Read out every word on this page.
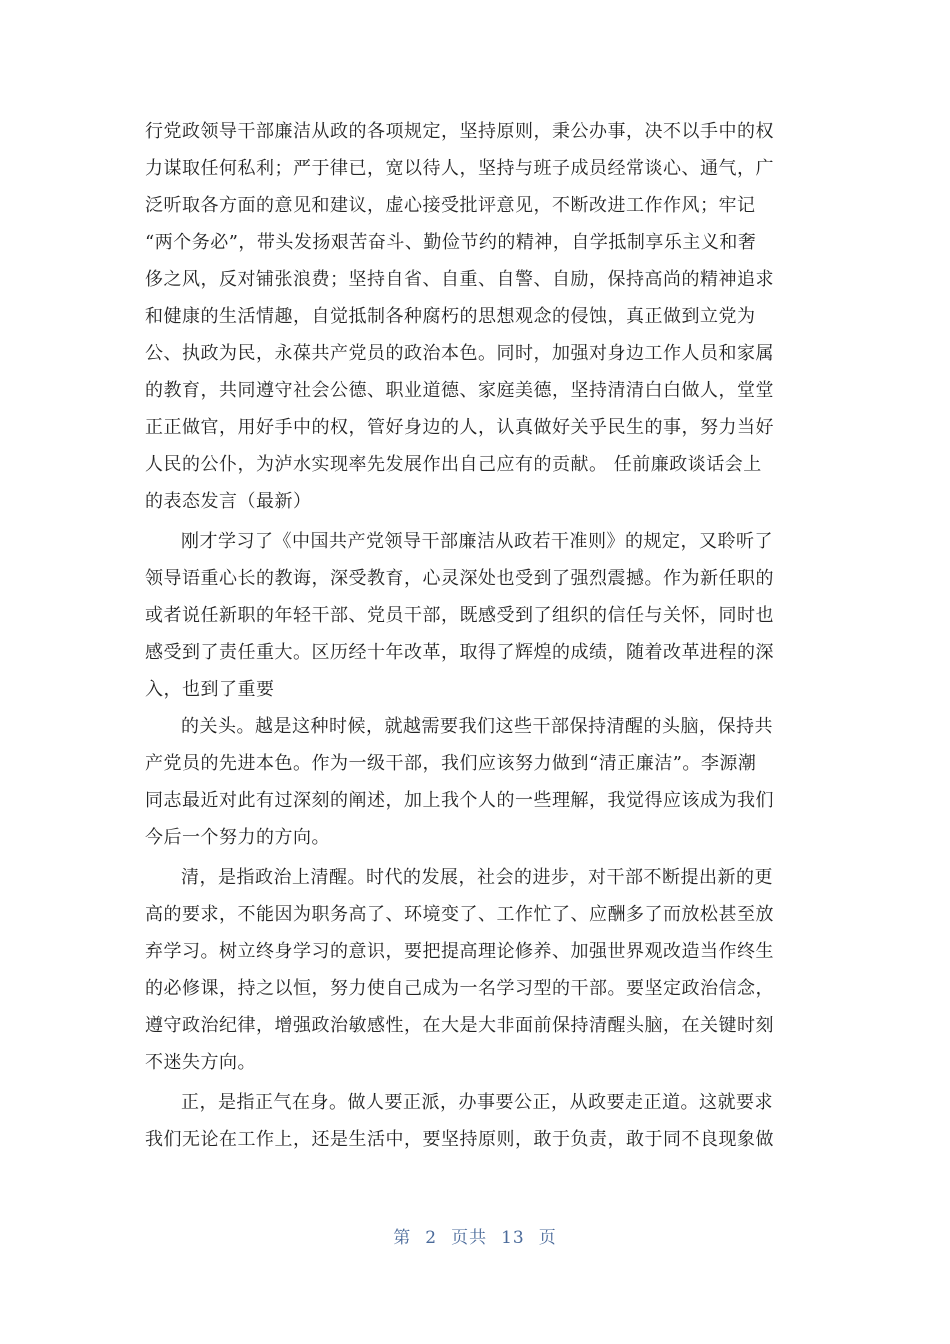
行党政领导干部廉洁从政的各项规定，坚持原则，秉公办事，决不以手中的权
力谋取任何私利；严于律已，宽以待人，坚持与班子成员经常谈心、通气，广
泛听取各方面的意见和建议，虚心接受批评意见，不断改进工作作风；牢记
“两个务必”，带头发扬艰苦奋斗、勤俭节约的精神，自学抵制享乐主义和奢
侈之风，反对铺张浪费；坚持自省、自重、自警、自励，保持高尚的精神追求
和健康的生活情趣，自觉抵制各种腐朽的思想观念的侵蚀，真正做到立党为
公、执政为民，永葆共产党员的政治本色。同时，加强对身边工作人员和家属
的教育，共同遵守社会公德、职业道德、家庭美德，坚持清清白白做人，堂堂
正正做官，用好手中的权，管好身边的人，认真做好关乎民生的事，努力当好
人民的公仆，为泸水实现率先发展作出自己应有的贡献。 任前廉政谈话会上
的表态发言（最新）
刚才学习了《中国共产党领导干部廉洁从政若干准则》的规定，又聆听了
领导语重心长的教诲，深受教育，心灵深处也受到了强烈震撼。作为新任职的
或者说任新职的年轻干部、党员干部，既感受到了组织的信任与关怀，同时也
感受到了责任重大。区历经十年改革，取得了辉煌的成绩，随着改革进程的深
入，也到了重要
的关头。越是这种时候，就越需要我们这些干部保持清醒的头脑，保持共
产党员的先进本色。作为一级干部，我们应该努力做到“清正廉洁”。李源潮
同志最近对此有过深刻的阐述，加上我个人的一些理解，我觉得应该成为我们
今后一个努力的方向。
清，是指政治上清醒。时代的发展，社会的进步，对干部不断提出新的更
高的要求，不能因为职务高了、环境变了、工作忙了、应酬多了而放松甚至放
弃学习。树立终身学习的意识，要把提高理论修养、加强世界观改造当作终生
的必修课，持之以恒，努力使自己成为一名学习型的干部。要坚定政治信念，
遵守政治纪律，增强政治敏感性，在大是大非面前保持清醒头脑，在关键时刻
不迷失方向。
正，是指正气在身。做人要正派，办事要公正，从政要走正道。这就要求
我们无论在工作上，还是生活中，要坚持原则，敢于负责，敢于同不良现象做
第 2 页共 13 页
